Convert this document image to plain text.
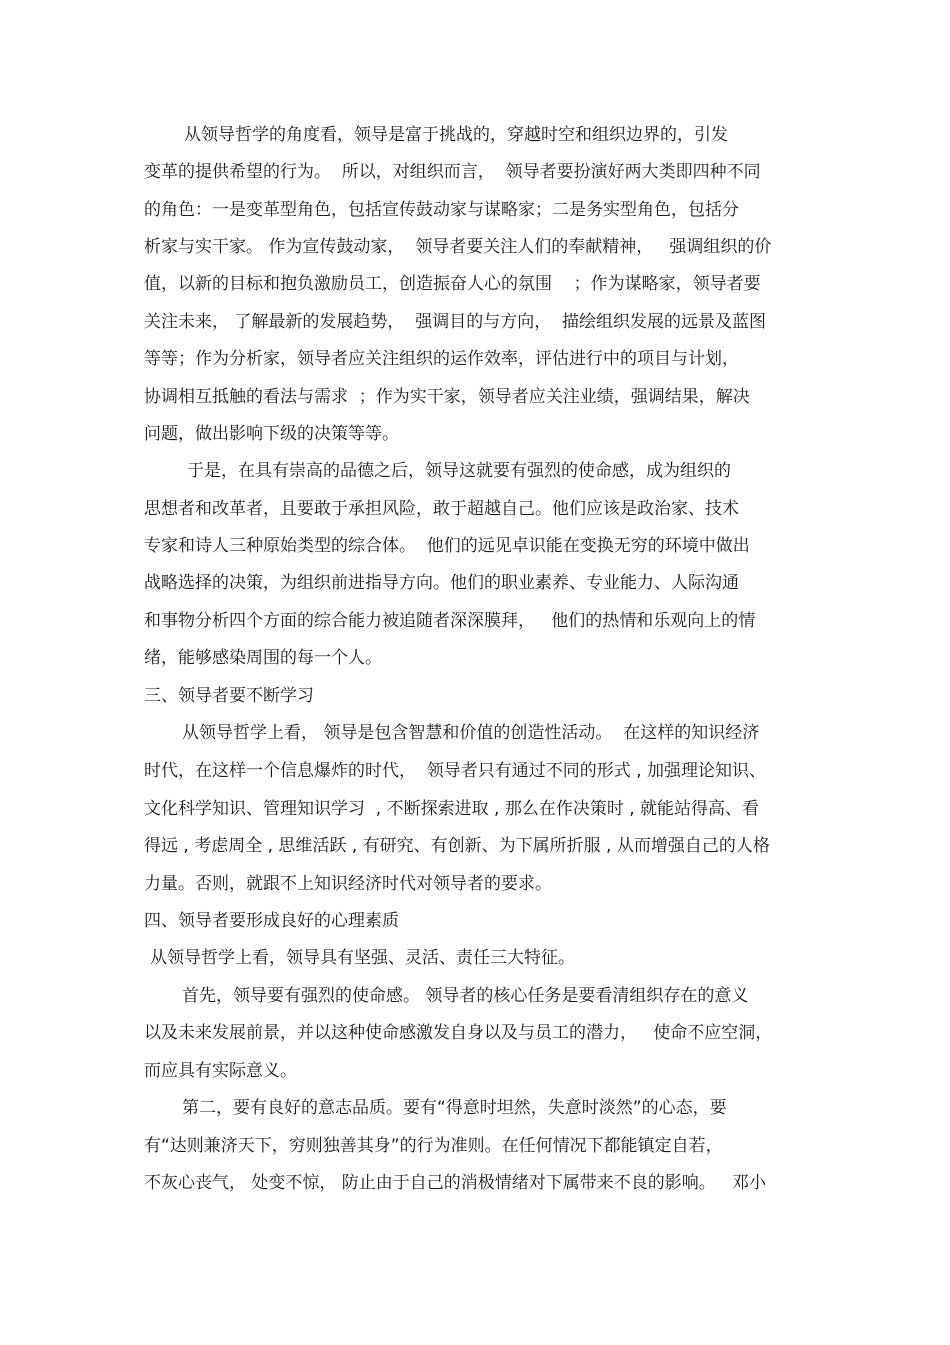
从领导哲学的角度看，领导是富于挑战的，穿越时空和组织边界的，引发
变革的提供希望的行为。  所以，对组织而言，  领导者要扮演好两大类即四种不同
的角色：一是变革型角色，包括宣传鼓动家与谋略家；二是务实型角色，包括分
析家与实干家。 作为宣传鼓动家，  领导者要关注人们的奉献精神，   强调组织的价
值，以新的目标和抱负激励员工，创造振奋人心的氛围    ；作为谋略家，领导者要
关注未来， 了解最新的发展趋势，  强调目的与方向，  描绘组织发展的远景及蓝图
等等；作为分析家，领导者应关注组织的运作效率，评估进行中的项目与计划，
协调相互抵触的看法与需求  ；作为实干家，领导者应关注业绩，强调结果，解决
问题，做出影响下级的决策等等。
于是，在具有崇高的品德之后，领导这就要有强烈的使命感，成为组织的
思想者和改革者，且要敢于承担风险，敢于超越自己。他们应该是政治家、技术
专家和诗人三种原始类型的综合体。  他们的远见卓识能在变换无穷的环境中做出
战略选择的决策，为组织前进指导方向。他们的职业素养、专业能力、人际沟通
和事物分析四个方面的综合能力被追随者深深膜拜，   他们的热情和乐观向上的情
绪，能够感染周围的每一个人。
三、领导者要不断学习
从领导哲学上看， 领导是包含智慧和价值的创造性活动。  在这样的知识经济
时代，在这样一个信息爆炸的时代，  领导者只有通过不同的形式 , 加强理论知识、
文化科学知识、管理知识学习  , 不断探索进取 , 那么在作决策时 , 就能站得高、看
得远 , 考虑周全 , 思维活跃 , 有研究、有创新、为下属所折服 , 从而增强自己的人格
力量。否则，就跟不上知识经济时代对领导者的要求。
四、领导者要形成良好的心理素质
从领导哲学上看，领导具有坚强、灵活、责任三大特征。
首先，领导要有强烈的使命感。 领导者的核心任务是要看清组织存在的意义
以及未来发展前景，并以这种使命感激发自身以及与员工的潜力，   使命不应空洞，
而应具有实际意义。
第二，要有良好的意志品质。要有“得意时坦然，失意时淡然”的心态，要
有“达则兼济天下，穷则独善其身”的行为准则。在任何情况下都能镇定自若，
不灰心丧气， 处变不惊， 防止由于自己的消极情绪对下属带来不良的影响。   邓小
